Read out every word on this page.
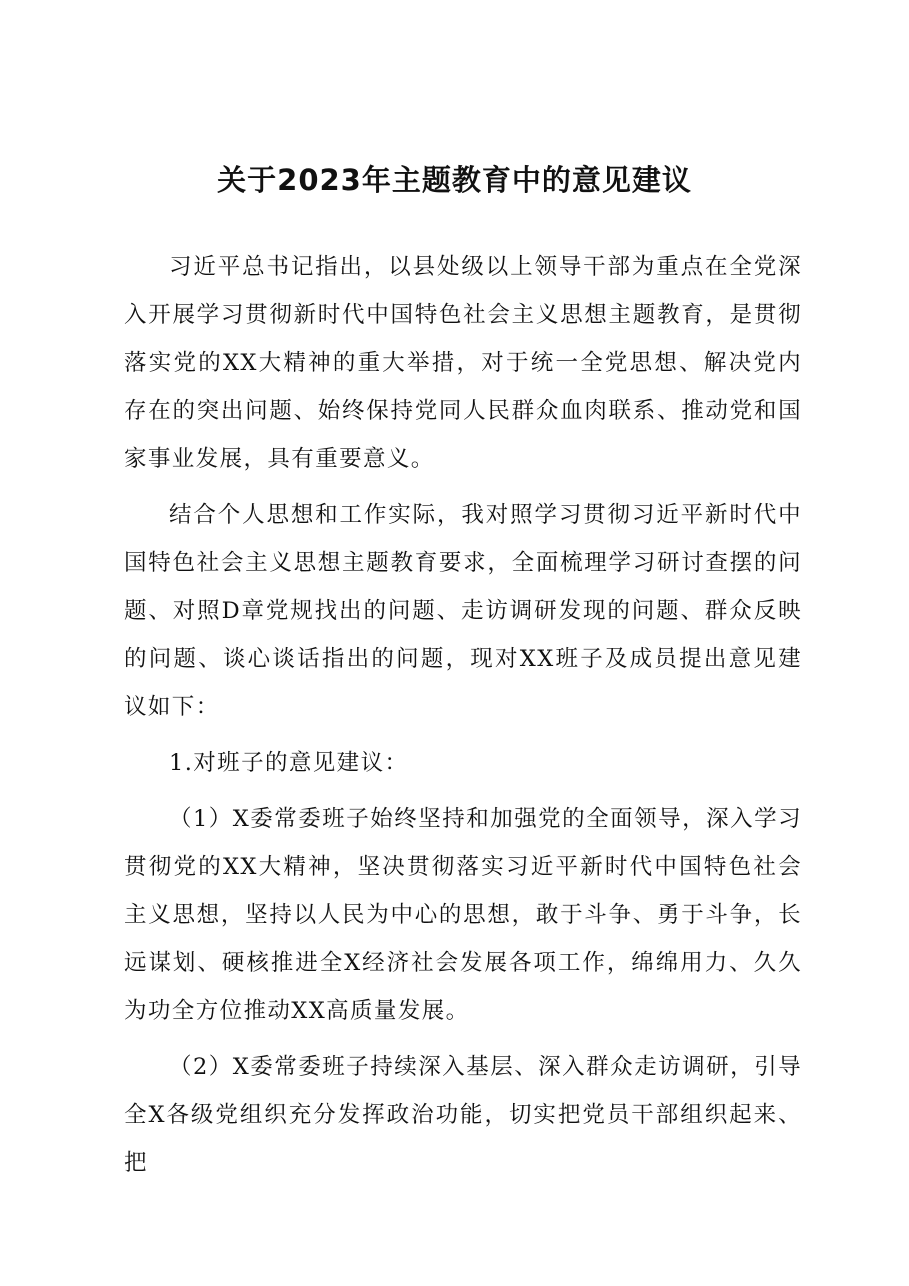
关于2023年主题教育中的意见建议

习近平总书记指出，以县处级以上领导干部为重点在全党深入开展学习贯彻新时代中国特色社会主义思想主题教育，是贯彻落实党的XX大精神的重大举措，对于统一全党思想、解决党内存在的突出问题、始终保持党同人民群众血肉联系、推动党和国家事业发展，具有重要意义。

结合个人思想和工作实际，我对照学习贯彻习近平新时代中国特色社会主义思想主题教育要求，全面梳理学习研讨查摆的问题、对照D章党规找出的问题、走访调研发现的问题、群众反映的问题、谈心谈话指出的问题，现对XX班子及成员提出意见建议如下：

1.对班子的意见建议：

（1）X委常委班子始终坚持和加强党的全面领导，深入学习贯彻党的XX大精神，坚决贯彻落实习近平新时代中国特色社会主义思想，坚持以人民为中心的思想，敢于斗争、勇于斗争，长远谋划、硬核推进全X经济社会发展各项工作，绵绵用力、久久为功全方位推动XX高质量发展。

（2）X委常委班子持续深入基层、深入群众走访调研，引导全X各级党组织充分发挥政治功能，切实把党员干部组织起来、把
